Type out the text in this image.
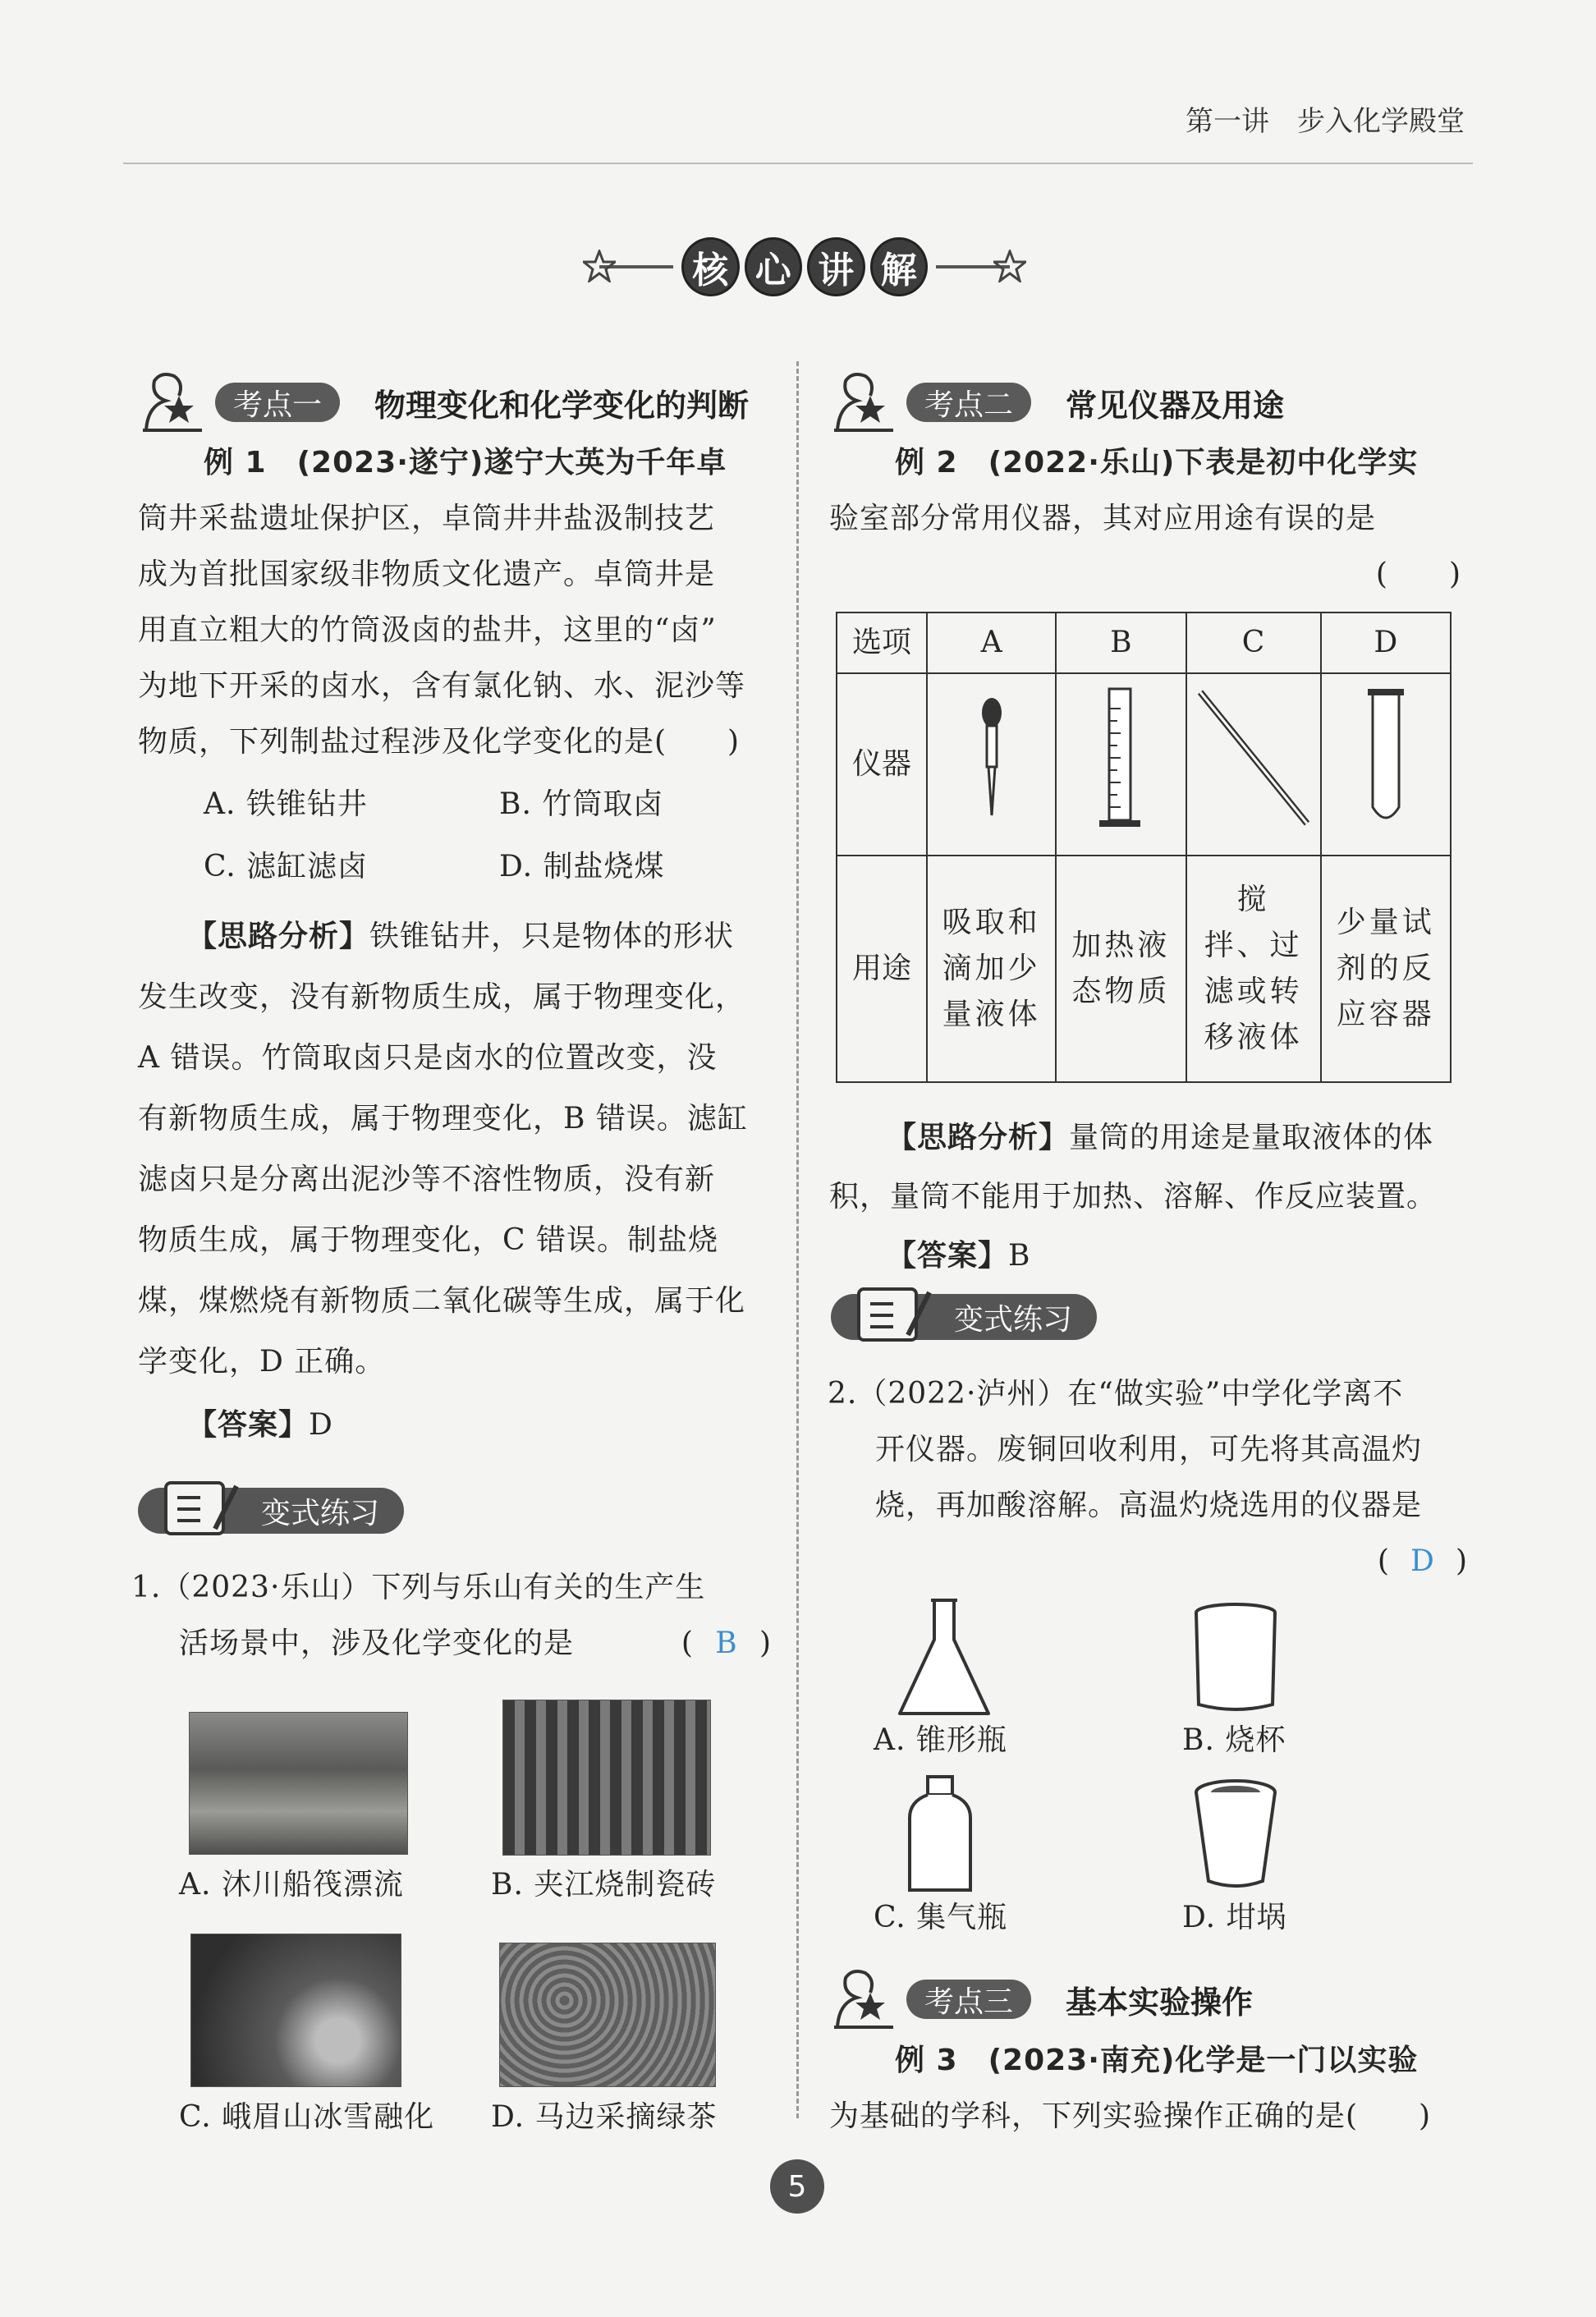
第一讲　步入化学殿堂
核 心 讲 解
考点一	物理变化和化学变化的判断
例 1　(2023·遂宁)遂宁大英为千年卓
筒井采盐遗址保护区，卓筒井井盐汲制技艺
成为首批国家级非物质文化遗产。卓筒井是
用直立粗大的竹筒汲卤的盐井，这里的“卤”
为地下开采的卤水，含有氯化钠、水、泥沙等
物质，下列制盐过程涉及化学变化的是(　　)
A. 铁锥钻井	B. 竹筒取卤
C. 滤缸滤卤	D. 制盐烧煤
【思路分析】铁锥钻井，只是物体的形状
发生改变，没有新物质生成，属于物理变化，
A 错误。竹筒取卤只是卤水的位置改变，没
有新物质生成，属于物理变化，B 错误。滤缸
滤卤只是分离出泥沙等不溶性物质，没有新
物质生成，属于物理变化，C 错误。制盐烧
煤，煤燃烧有新物质二氧化碳等生成，属于化
学变化，D 正确。
【答案】D
变式练习
1.（2023·乐山）下列与乐山有关的生产生
活场景中，涉及化学变化的是	( B )
A. 沐川船筏漂流	B. 夹江烧制瓷砖
C. 峨眉山冰雪融化 D. 马边采摘绿茶
考点二	常见仪器及用途
例 2　(2022·乐山)下表是初中化学实
验室部分常用仪器，其对应用途有误的是
(　　)
选项	A	B	C	D
仪器				
用途	吸取和滴加少量液体	加热液态物质	搅　拌、过滤或转移液体	少量试剂的反应容器
【思路分析】量筒的用途是量取液体的体
积，量筒不能用于加热、溶解、作反应装置。
【答案】B
变式练习
2.（2022·泸州）在“做实验”中学化学离不
开仪器。废铜回收利用，可先将其高温灼
烧，再加酸溶解。高温灼烧选用的仪器是
( D )
A. 锥形瓶	B. 烧杯
C. 集气瓶	D. 坩埚
考点三	基本实验操作
例 3　(2023·南充)化学是一门以实验
为基础的学科，下列实验操作正确的是(　　)
5
